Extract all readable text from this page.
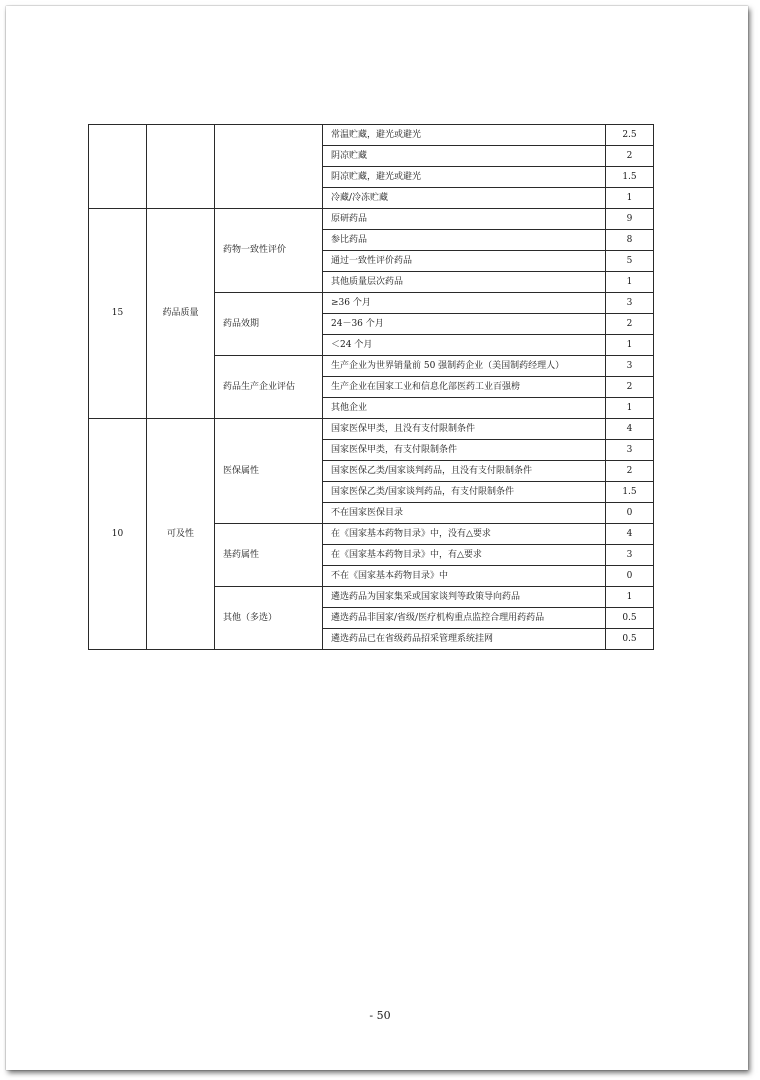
			常温贮藏，避光或避光	2.5
			阴凉贮藏	2
			阴凉贮藏，避光或避光	1.5
			冷藏/冷冻贮藏	1
15	药品质量	药物一致性评价	原研药品	9
			参比药品	8
			通过一致性评价药品	5
			其他质量层次药品	1
		药品效期	≥36 个月	3
			24－36 个月	2
			＜24 个月	1
		药品生产企业评估	生产企业为世界销量前 50 强制药企业（美国制药经理人）	3
			生产企业在国家工业和信息化部医药工业百强榜	2
			其他企业	1
10	可及性	医保属性	国家医保甲类，且没有支付限制条件	4
			国家医保甲类，有支付限制条件	3
			国家医保乙类/国家谈判药品，且没有支付限制条件	2
			国家医保乙类/国家谈判药品，有支付限制条件	1.5
			不在国家医保目录	0
		基药属性	在《国家基本药物目录》中，没有△要求	4
			在《国家基本药物目录》中，有△要求	3
			不在《国家基本药物目录》中	0
		其他（多选）	遴选药品为国家集采或国家谈判等政策导向药品	1
			遴选药品非国家/省级/医疗机构重点监控合理用药药品	0.5
			遴选药品已在省级药品招采管理系统挂网	0.5
- 50
